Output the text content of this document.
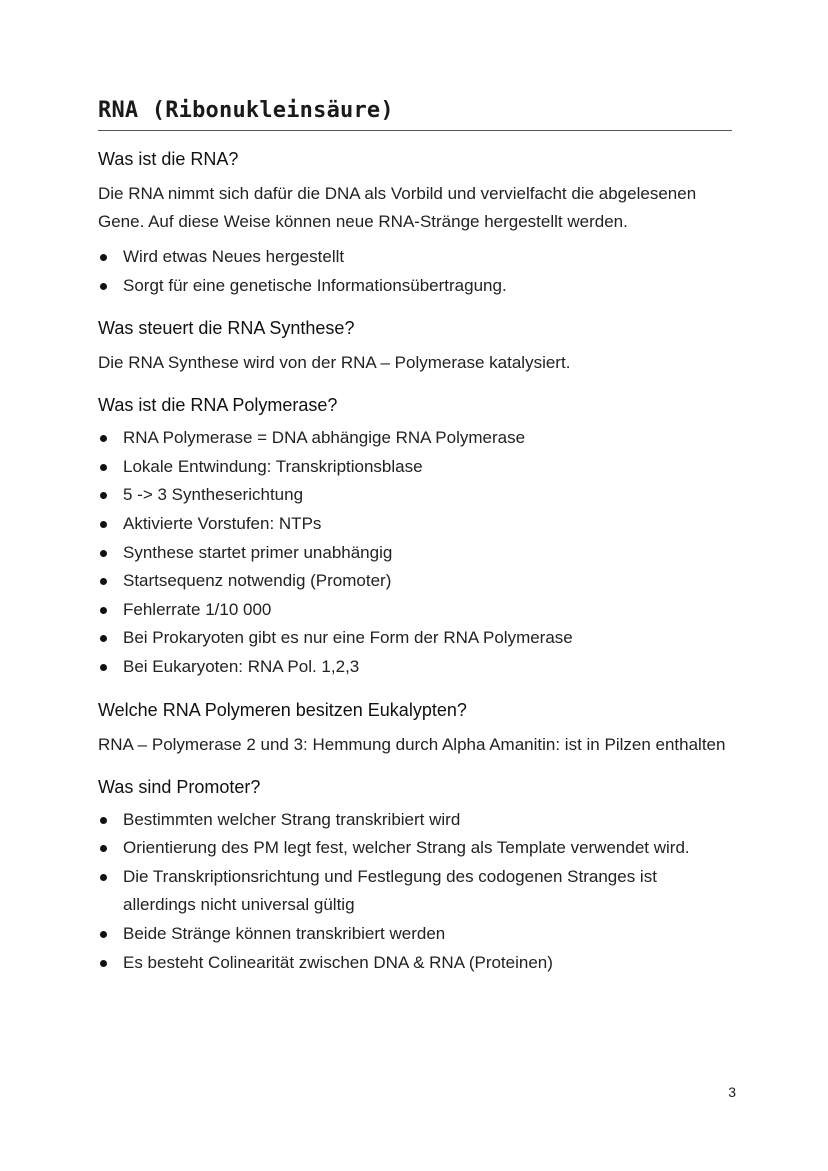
RNA (Ribonukleinsäure)
Was ist die RNA?

Die RNA nimmt sich dafür die DNA als Vorbild und vervielfacht die abgelesenen Gene. Auf diese Weise können neue RNA-Stränge hergestellt werden.

Wird etwas Neues hergestellt
Sorgt für eine genetische Informationsübertragung.
Was steuert die RNA Synthese?

Die RNA Synthese wird von der RNA – Polymerase katalysiert.

Was ist die RNA Polymerase?
RNA Polymerase = DNA abhängige RNA Polymerase
Lokale Entwindung: Transkriptionsblase
5 -> 3 Syntheserichtung
Aktivierte Vorstufen: NTPs
Synthese startet primer unabhängig
Startsequenz notwendig (Promoter)
Fehlerrate 1/10 000
Bei Prokaryoten gibt es nur eine Form der RNA Polymerase
Bei Eukaryoten: RNA Pol. 1,2,3
Welche RNA Polymeren besitzen Eukalypten?

RNA – Polymerase 2 und 3: Hemmung durch Alpha Amanitin: ist in Pilzen enthalten

Was sind Promoter?
Bestimmten welcher Strang transkribiert wird
Orientierung des PM legt fest, welcher Strang als Template verwendet wird.
Die Transkriptionsrichtung und Festlegung des codogenen Stranges ist allerdings nicht universal gültig
Beide Stränge können transkribiert werden
Es besteht Colinearität zwischen DNA & RNA (Proteinen)
3
